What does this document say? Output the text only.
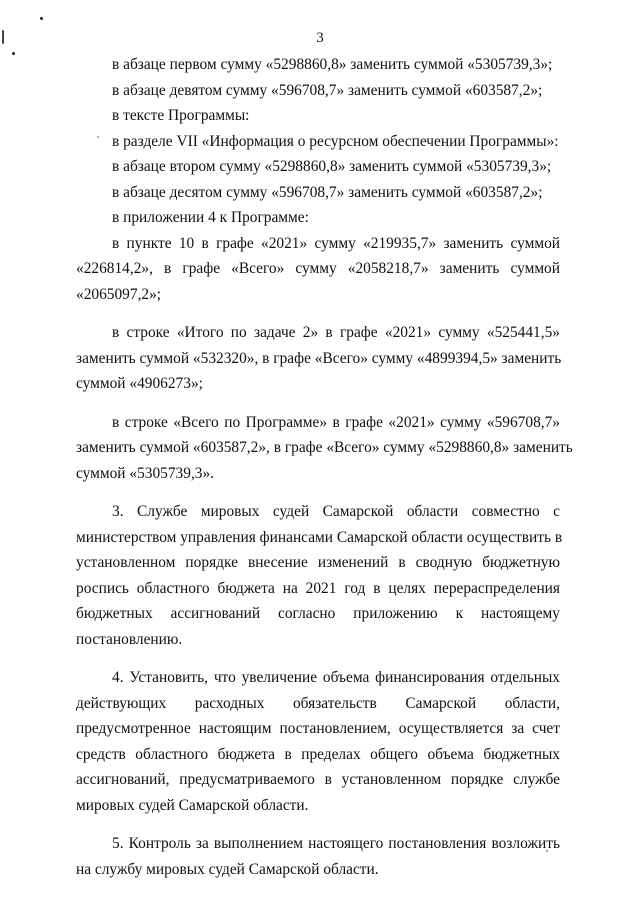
3
в абзаце первом сумму «5298860,8» заменить суммой «5305739,3»;
в абзаце девятом сумму «596708,7» заменить суммой «603587,2»;
в тексте Программы:
в разделе VII «Информация о ресурсном обеспечении Программы»:
в абзаце втором сумму «5298860,8» заменить суммой «5305739,3»;
в абзаце десятом сумму «596708,7» заменить суммой «603587,2»;
в приложении 4 к Программе:
в пункте 10 в графе «2021» сумму «219935,7» заменить суммой
«226814,2», в графе «Всего» сумму «2058218,7» заменить суммой
«2065097,2»;
в строке «Итого по задаче 2» в графе «2021» сумму «525441,5»
заменить суммой «532320», в графе «Всего» сумму «4899394,5» заменить
суммой «4906273»;
в строке «Всего по Программе» в графе «2021» сумму «596708,7»
заменить суммой «603587,2», в графе «Всего» сумму «5298860,8» заменить
суммой «5305739,3».
3. Службе мировых судей Самарской области совместно с
министерством управления финансами Самарской области осуществить в
установленном порядке внесение изменений в сводную бюджетную
роспись областного бюджета на 2021 год в целях перераспределения
бюджетных ассигнований согласно приложению к настоящему
постановлению.
4. Установить, что увеличение объема финансирования отдельных
действующих расходных обязательств Самарской области,
предусмотренное настоящим постановлением, осуществляется за счет
средств областного бюджета в пределах общего объема бюджетных
ассигнований, предусматриваемого в установленном порядке службе
мировых судей Самарской области.
5. Контроль за выполнением настоящего постановления возложить
на службу мировых судей Самарской области.
